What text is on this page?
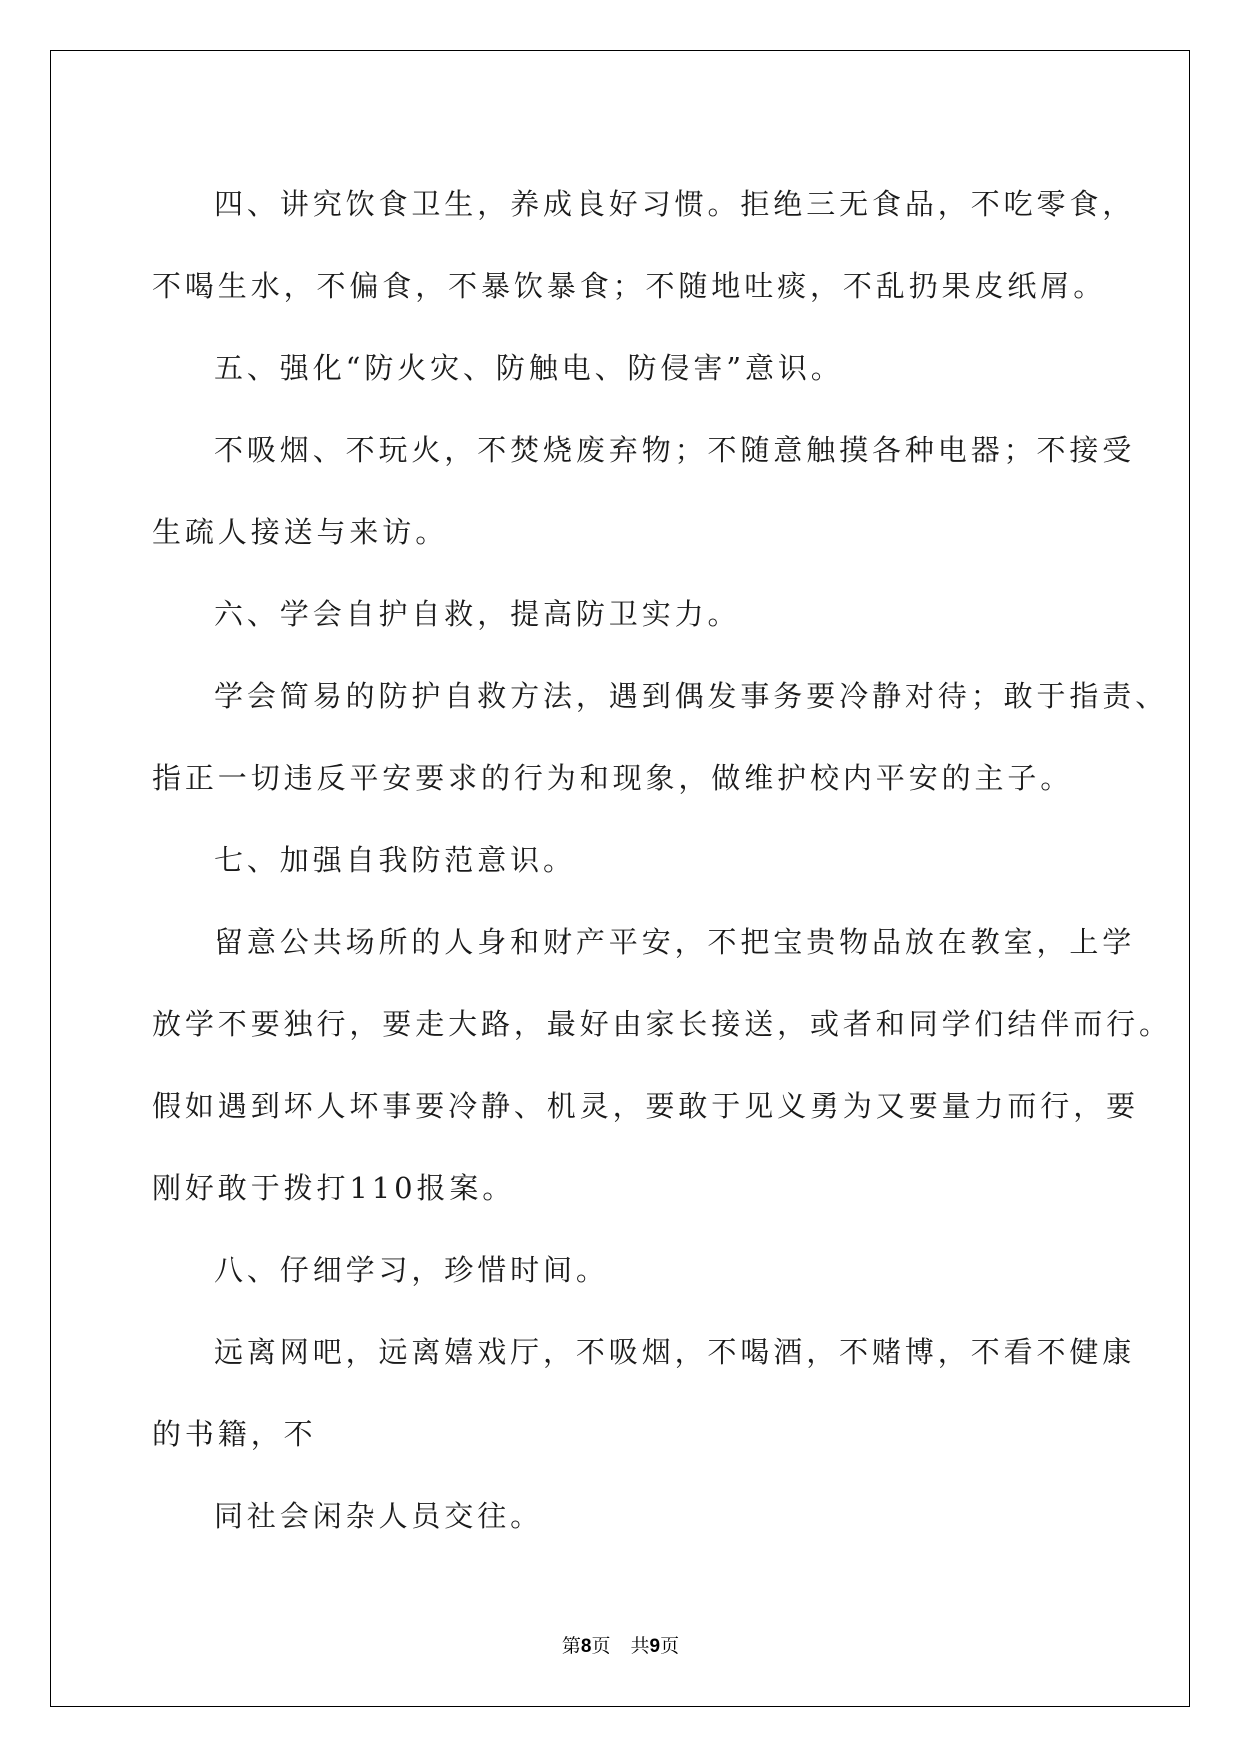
四、讲究饮食卫生，养成良好习惯。拒绝三无食品，不吃零食，

不喝生水，不偏食，不暴饮暴食；不随地吐痰，不乱扔果皮纸屑。

五、强化“防火灾、防触电、防侵害”意识。

不吸烟、不玩火，不焚烧废弃物；不随意触摸各种电器；不接受

生疏人接送与来访。

六、学会自护自救，提高防卫实力。

学会简易的防护自救方法，遇到偶发事务要冷静对待；敢于指责、

指正一切违反平安要求的行为和现象，做维护校内平安的主子。

七、加强自我防范意识。

留意公共场所的人身和财产平安，不把宝贵物品放在教室，上学

放学不要独行，要走大路，最好由家长接送，或者和同学们结伴而行。

假如遇到坏人坏事要冷静、机灵，要敢于见义勇为又要量力而行，要

刚好敢于拨打110报案。

八、仔细学习，珍惜时间。

远离网吧，远离嬉戏厅，不吸烟，不喝酒，不赌博，不看不健康

的书籍，不

同社会闲杂人员交往。

第8页 共9页
